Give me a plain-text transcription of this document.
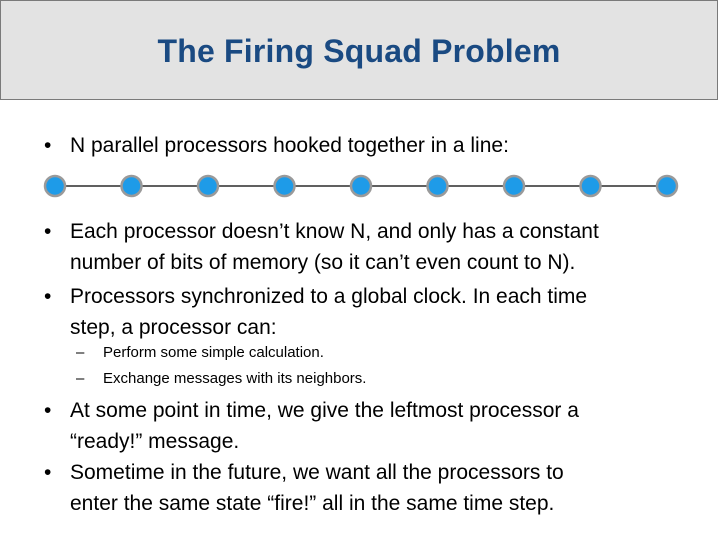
The Firing Squad Problem
• N parallel processors hooked together in a line:
• Each processor doesn’t know N, and only has a constant
number of bits of memory (so it can’t even count to N).
• Processors synchronized to a global clock. In each time
step, a processor can:
– Perform some simple calculation.
– Exchange messages with its neighbors.
• At some point in time, we give the leftmost processor a
“ready!” message.
• Sometime in the future, we want all the processors to
enter the same state “fire!” all in the same time step.
